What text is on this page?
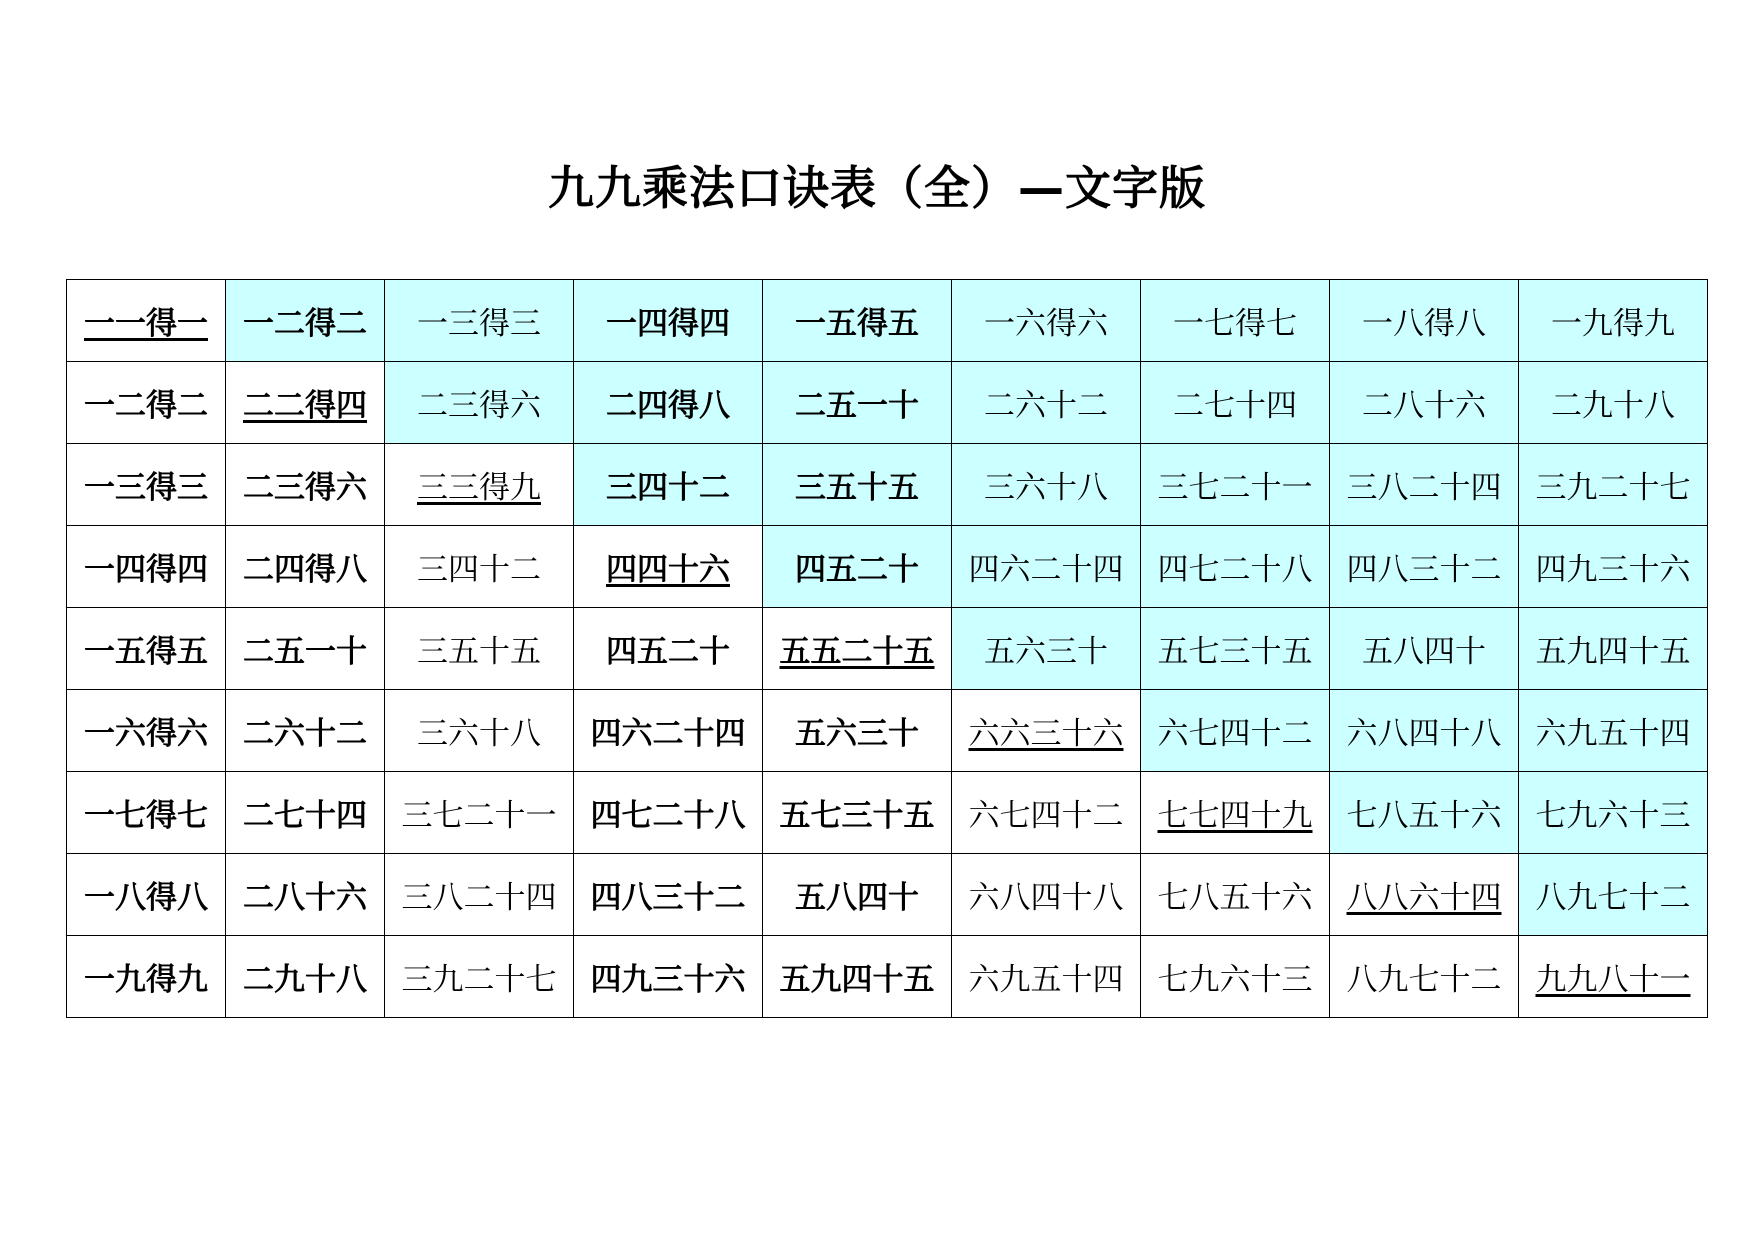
九九乘法口诀表（全）—文字版
一一得一	一二得二	一三得三	一四得四	一五得五	一六得六	一七得七	一八得八	一九得九
一二得二	二二得四	二三得六	二四得八	二五一十	二六十二	二七十四	二八十六	二九十八
一三得三	二三得六	三三得九	三四十二	三五十五	三六十八	三七二十一	三八二十四	三九二十七
一四得四	二四得八	三四十二	四四十六	四五二十	四六二十四	四七二十八	四八三十二	四九三十六
一五得五	二五一十	三五十五	四五二十	五五二十五	五六三十	五七三十五	五八四十	五九四十五
一六得六	二六十二	三六十八	四六二十四	五六三十	六六三十六	六七四十二	六八四十八	六九五十四
一七得七	二七十四	三七二十一	四七二十八	五七三十五	六七四十二	七七四十九	七八五十六	七九六十三
一八得八	二八十六	三八二十四	四八三十二	五八四十	六八四十八	七八五十六	八八六十四	八九七十二
一九得九	二九十八	三九二十七	四九三十六	五九四十五	六九五十四	七九六十三	八九七十二	九九八十一
